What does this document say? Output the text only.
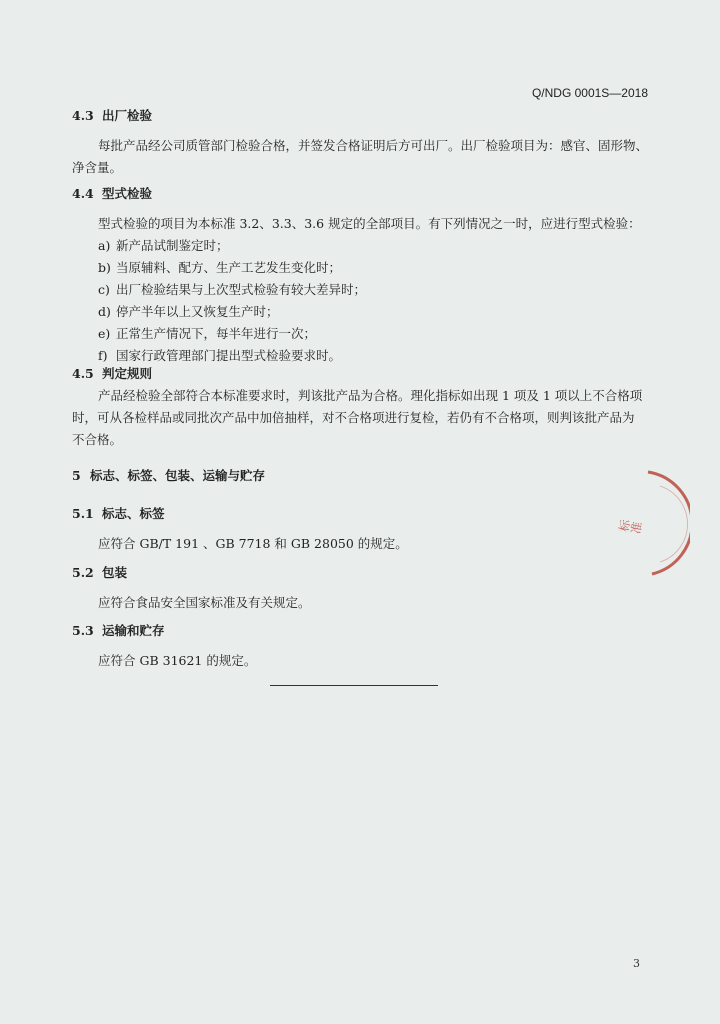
Q/NDG 0001S—2018
4.3 出厂检验
每批产品经公司质管部门检验合格，并签发合格证明后方可出厂。出厂检验项目为：感官、固形物、
净含量。
4.4 型式检验
型式检验的项目为本标准 3.2、3.3、3.6 规定的全部项目。有下列情况之一时，应进行型式检验：
a) 新产品试制鉴定时；
b) 当原辅料、配方、生产工艺发生变化时；
c) 出厂检验结果与上次型式检验有较大差异时；
d) 停产半年以上又恢复生产时；
e) 正常生产情况下，每半年进行一次；
f) 国家行政管理部门提出型式检验要求时。
4.5 判定规则
产品经检验全部符合本标准要求时，判该批产品为合格。理化指标如出现 1 项及 1 项以上不合格项
时，可从各检样品或同批次产品中加倍抽样，对不合格项进行复检，若仍有不合格项，则判该批产品为
不合格。
5 标志、标签、包装、运输与贮存
5.1 标志、标签
应符合 GB/T 191 、GB 7718 和 GB 28050 的规定。
5.2 包装
应符合食品安全国家标准及有关规定。
5.3 运输和贮存
应符合 GB 31621 的规定。
标准
3
